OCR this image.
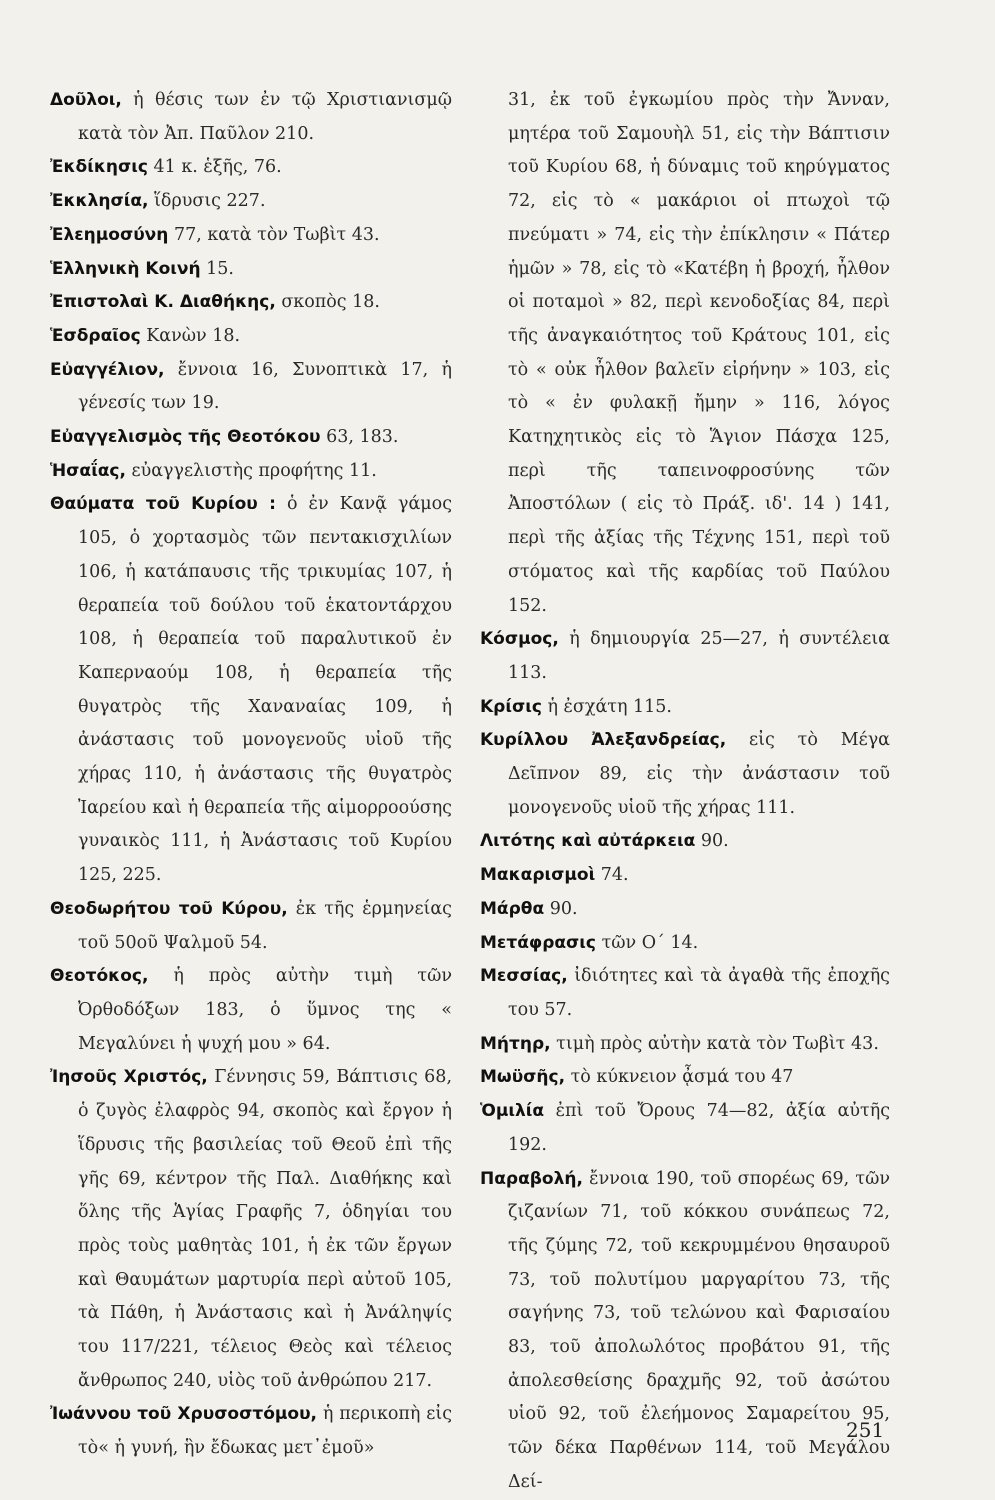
Δοῦλοι, ἡ θέσις των ἐν τῷ Χριστιανισμῷ κατὰ τὸν Ἀπ. Παῦλον 210.

Ἐκδίκησις 41 κ. ἑξῆς, 76.

Ἐκκλησία, ἵδρυσις 227.

Ἐλεημοσύνη 77, κατὰ τὸν Τωβὶτ 43.

Ἑλληνικὴ Κοινή 15.

Ἐπιστολαὶ Κ. Διαθήκης, σκοπὸς 18.

Ἑσδραῖος Κανὼν 18.

Εὐαγγέλιον, ἔννοια 16, Συνοπτικὰ 17, ἡ γένεσίς των 19.

Εὐαγγελισμὸς τῆς Θεοτόκου 63, 183.

Ἡσαΐας, εὐαγγελιστὴς προφήτης 11.

Θαύματα τοῦ Κυρίου : ὁ ἐν Κανᾷ γάμος 105, ὁ χορτασμὸς τῶν πεντακισχιλίων 106, ἡ κατάπαυσις τῆς τρικυμίας 107, ἡ θεραπεία τοῦ δούλου τοῦ ἑκατοντάρχου 108, ἡ θεραπεία τοῦ παραλυτικοῦ ἐν Καπερναούμ 108, ἡ θεραπεία τῆς θυγατρὸς τῆς Χαναναίας 109, ἡ ἀνάστασις τοῦ μονογενοῦς υἱοῦ τῆς χήρας 110, ἡ ἀνάστασις τῆς θυγατρὸς Ἰαρείου καὶ ἡ θεραπεία τῆς αἱμορροούσης γυναικὸς 111, ἡ Ἀνάστασις τοῦ Κυρίου 125, 225.

Θεοδωρήτου τοῦ Κύρου, ἐκ τῆς ἑρμηνείας τοῦ 50οῦ Ψαλμοῦ 54.

Θεοτόκος, ἡ πρὸς αὐτὴν τιμὴ τῶν Ὀρθοδόξων 183, ὁ ὕμνος της « Μεγαλύνει ἡ ψυχή μου » 64.

Ἰησοῦς Χριστός, Γέννησις 59, Βάπτισις 68, ὁ ζυγὸς ἐλαφρὸς 94, σκοπὸς καὶ ἔργον ἡ ἵδρυσις τῆς βασιλείας τοῦ Θεοῦ ἐπὶ τῆς γῆς 69, κέντρον τῆς Παλ. Διαθήκης καὶ ὅλης τῆς Ἁγίας Γραφῆς 7, ὁδηγίαι του πρὸς τοὺς μαθητὰς 101, ἡ ἐκ τῶν ἔργων καὶ Θαυμάτων μαρτυρία περὶ αὐτοῦ 105, τὰ Πάθη, ἡ Ἀνάστασις καὶ ἡ Ἀνάληψίς του 117/221, τέλειος Θεὸς καὶ τέλειος ἄνθρωπος 240, υἱὸς τοῦ ἀνθρώπου 217.

Ἰωάννου τοῦ Χρυσοστόμου, ἡ περικοπὴ εἰς τὸ« ἡ γυνή, ἣν ἔδωκας μετ᾿ἐμοῦ»

31, ἐκ τοῦ ἐγκωμίου πρὸς τὴν Ἄνναν, μητέρα τοῦ Σαμουὴλ 51, εἰς τὴν Βάπτισιν τοῦ Κυρίου 68, ἡ δύναμις τοῦ κηρύγματος 72, εἰς τὸ « μακάριοι οἱ πτωχοὶ τῷ πνεύματι » 74, εἰς τὴν ἐπίκλησιν « Πάτερ ἡμῶν » 78, εἰς τὸ «Κατέβη ἡ βροχή, ἦλθον οἱ ποταμοὶ » 82, περὶ κενοδοξίας 84, περὶ τῆς ἀναγκαιότητος τοῦ Κράτους 101, εἰς τὸ « οὐκ ἦλθον βαλεῖν εἰρήνην » 103, εἰς τὸ « ἐν φυλακῇ ἤμην » 116, λόγος Κατηχητικὸς εἰς τὸ Ἅγιον Πάσχα 125, περὶ τῆς ταπεινοφροσύνης τῶν Ἀποστόλων ( εἰς τὸ Πράξ. ιδ'. 14 ) 141, περὶ τῆς ἀξίας τῆς Τέχνης 151, περὶ τοῦ στόματος καὶ τῆς καρδίας τοῦ Παύλου 152.

Κόσμος, ἡ δημιουργία 25—27, ἡ συντέλεια 113.

Κρίσις ἡ ἐσχάτη 115.

Κυρίλλου Ἀλεξανδρείας, εἰς τὸ Μέγα Δεῖπνον 89, εἰς τὴν ἀνάστασιν τοῦ μονογενοῦς υἱοῦ τῆς χήρας 111.

Λιτότης καὶ αὐτάρκεια 90.

Μακαρισμοὶ 74.

Μάρθα 90.

Μετάφρασις τῶν Ο΄ 14.

Μεσσίας, ἰδιότητες καὶ τὰ ἀγαθὰ τῆς ἐποχῆς του 57.

Μήτηρ, τιμὴ πρὸς αὐτὴν κατὰ τὸν Τωβὶτ 43.

Μωϋσῆς, τὸ κύκνειον ᾆσμά του 47

Ὁμιλία ἐπὶ τοῦ Ὄρους 74—82, ἀξία αὐτῆς 192.

Παραβολή, ἔννοια 190, τοῦ σπορέως 69, τῶν ζιζανίων 71, τοῦ κόκκου συνάπεως 72, τῆς ζύμης 72, τοῦ κεκρυμμένου θησαυροῦ 73, τοῦ πολυτίμου μαργαρίτου 73, τῆς σαγήνης 73, τοῦ τελώνου καὶ Φαρισαίου 83, τοῦ ἀπολωλότος προβάτου 91, τῆς ἀπολεσθείσης δραχμῆς 92, τοῦ ἀσώτου υἱοῦ 92, τοῦ ἐλεήμονος Σαμαρείτου 95, τῶν δέκα Παρθένων 114, τοῦ Μεγάλου Δεί-

251
